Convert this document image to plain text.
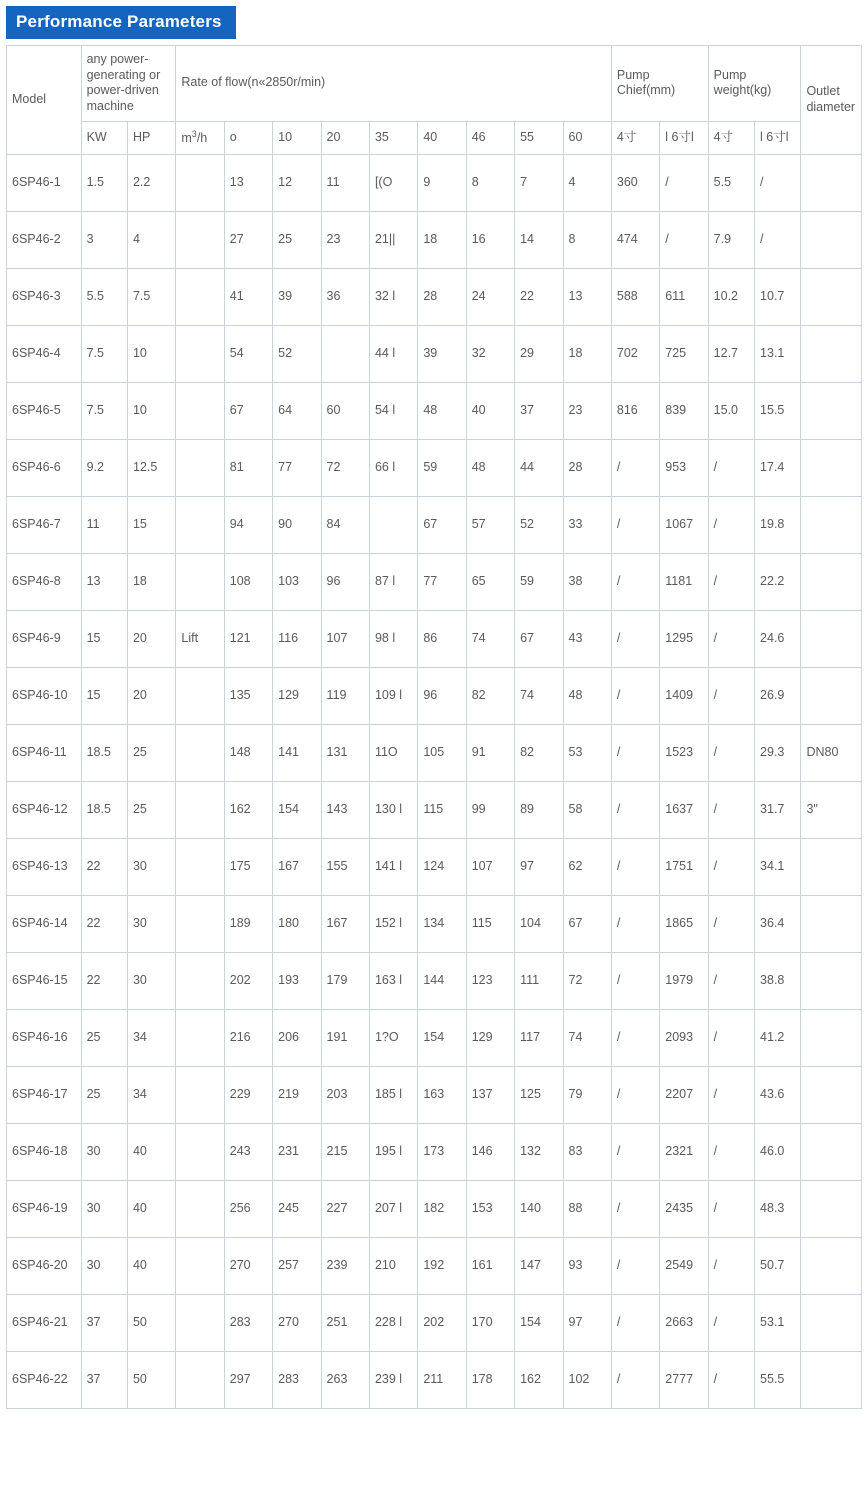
Performance Parameters
Model	any power-generating or power-driven machine		Rate of flow(n«2850r/min)									Pump Chief(mm)		Pump weight(kg)		Outlet diameter
	KW	HP	$m^3/h$	o	10	20	35	40	46	55	60	4寸	l 6寸l	4寸	l 6寸l	
6SP46-1	1.5	2.2		13	12	11	[(O	9	8	7	4	360	/	5.5	/	
6SP46-2	3	4		27	25	23	21||	18	16	14	8	474	/	7.9	/	
6SP46-3	5.5	7.5		41	39	36	32 l	28	24	22	13	588	611	10.2	10.7	
6SP46-4	7.5	10		54	52		44 l	39	32	29	18	702	725	12.7	13.1	
6SP46-5	7.5	10		67	64	60	54 l	48	40	37	23	816	839	15.0	15.5	
6SP46-6	9.2	12.5		81	77	72	66 l	59	48	44	28	/	953	/	17.4	
6SP46-7	11	15		94	90	84		67	57	52	33	/	1067	/	19.8	
6SP46-8	13	18		108	103	96	87 l	77	65	59	38	/	1181	/	22.2	
6SP46-9	15	20	Lift	121	116	107	98 l	86	74	67	43	/	1295	/	24.6	
6SP46-10	15	20		135	129	119	109 l	96	82	74	48	/	1409	/	26.9	
6SP46-11	18.5	25		148	141	131	11O	105	91	82	53	/	1523	/	29.3	DN80
6SP46-12	18.5	25		162	154	143	130 l	115	99	89	58	/	1637	/	31.7	3"
6SP46-13	22	30		175	167	155	141 l	124	107	97	62	/	1751	/	34.1	
6SP46-14	22	30		189	180	167	152 l	134	115	104	67	/	1865	/	36.4	
6SP46-15	22	30		202	193	179	163 l	144	123	111	72	/	1979	/	38.8	
6SP46-16	25	34		216	206	191	1?O	154	129	117	74	/	2093	/	41.2	
6SP46-17	25	34		229	219	203	185 l	163	137	125	79	/	2207	/	43.6	
6SP46-18	30	40		243	231	215	195 l	173	146	132	83	/	2321	/	46.0	
6SP46-19	30	40		256	245	227	207 l	182	153	140	88	/	2435	/	48.3	
6SP46-20	30	40		270	257	239	210	192	161	147	93	/	2549	/	50.7	
6SP46-21	37	50		283	270	251	228 l	202	170	154	97	/	2663	/	53.1	
6SP46-22	37	50		297	283	263	239 l	211	178	162	102	/	2777	/	55.5	
